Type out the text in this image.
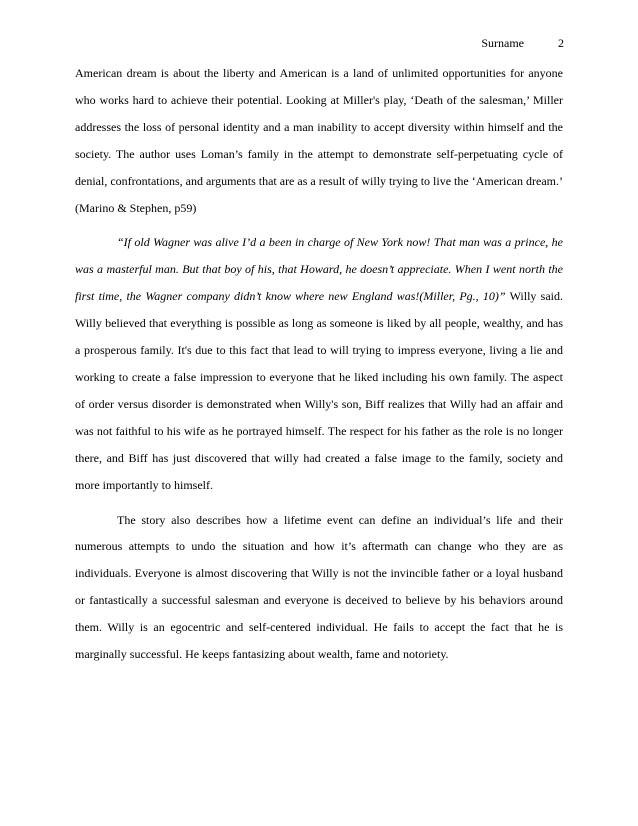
Surname	2

American dream is about the liberty and American is a land of unlimited opportunities for anyone who works hard to achieve their potential. Looking at Miller's play, ‘Death of the salesman,’ Miller addresses the loss of personal identity and a man inability to accept diversity within himself and the society. The author uses Loman’s family in the attempt to demonstrate self-perpetuating cycle of denial, confrontations, and arguments that are as a result of willy trying to live the ‘American dream.’ (Marino & Stephen, p59)

“If old Wagner was alive I’d a been in charge of New York now! That man was a prince, he was a masterful man. But that boy of his, that Howard, he doesn’t appreciate. When I went north the first time, the Wagner company didn’t know where new England was!(Miller, Pg., 10)” Willy said. Willy believed that everything is possible as long as someone is liked by all people, wealthy, and has a prosperous family. It's due to this fact that lead to will trying to impress everyone, living a lie and working to create a false impression to everyone that he liked including his own family. The aspect of order versus disorder is demonstrated when Willy's son, Biff realizes that Willy had an affair and was not faithful to his wife as he portrayed himself. The respect for his father as the role is no longer there, and Biff has just discovered that willy had created a false image to the family, society and more importantly to himself.

The story also describes how a lifetime event can define an individual’s life and their numerous attempts to undo the situation and how it’s aftermath can change who they are as individuals. Everyone is almost discovering that Willy is not the invincible father or a loyal husband or fantastically a successful salesman and everyone is deceived to believe by his behaviors around them. Willy is an egocentric and self-centered individual. He fails to accept the fact that he is marginally successful. He keeps fantasizing about wealth, fame and notoriety.
